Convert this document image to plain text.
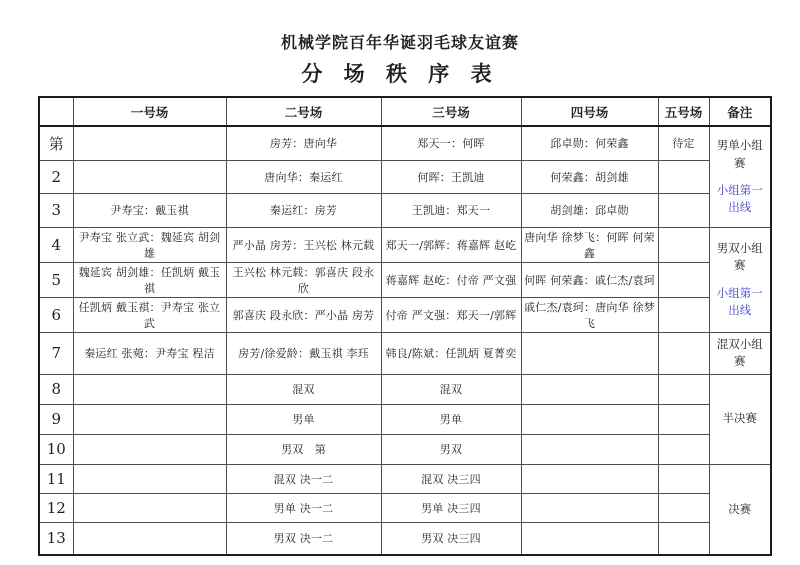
机械学院百年华诞羽毛球友谊赛
分 场 秩 序 表
	一号场	二号场	三号场	四号场	五号场	备注
第		房芳：唐向华	郑天一：何晖	邱卓勋：何荣鑫	待定	男单小组赛
小组第一出线

2		唐向华：秦运红	何晖：王凯迪	何荣鑫：胡剑雄		
3	尹寿宝：戴玉祺	秦运红：房芳	王凯迪：郑天一	胡剑雄：邱卓勋		
4	尹寿宝 张立武：魏延宾 胡剑雄	严小晶 房芳：王兴松 林元载	郑天一/郭辉：蒋嘉辉 赵屹	唐向华 徐梦飞：何晖 何荣鑫		男双小组赛
小组第一出线

5	魏延宾 胡剑雄：任凯炳 戴玉祺	王兴松 林元载：郭喜庆 段永欣	蒋嘉辉 赵屹：付帝 严文强	何晖 何荣鑫：戚仁杰/袁珂		
6	任凯炳 戴玉祺：尹寿宝 张立武	郭喜庆 段永欣：严小晶 房芳	付帝 严文强：郑天一/郭辉	戚仁杰/袁珂：唐向华 徐梦飞		
7	秦运红 张菀：尹寿宝 程洁	房芳/徐爱龄：戴玉祺 李珏	韩良/陈斌：任凯炳 夏菁奕			混双小组赛

8		混双	混双			半决赛

9		男单	男单			
10		男双　第	男双			
11		混双 决一二	混双 决三四			决赛

12		男单 决一二	男单 决三四			
13		男双 决一二	男双 决三四			
